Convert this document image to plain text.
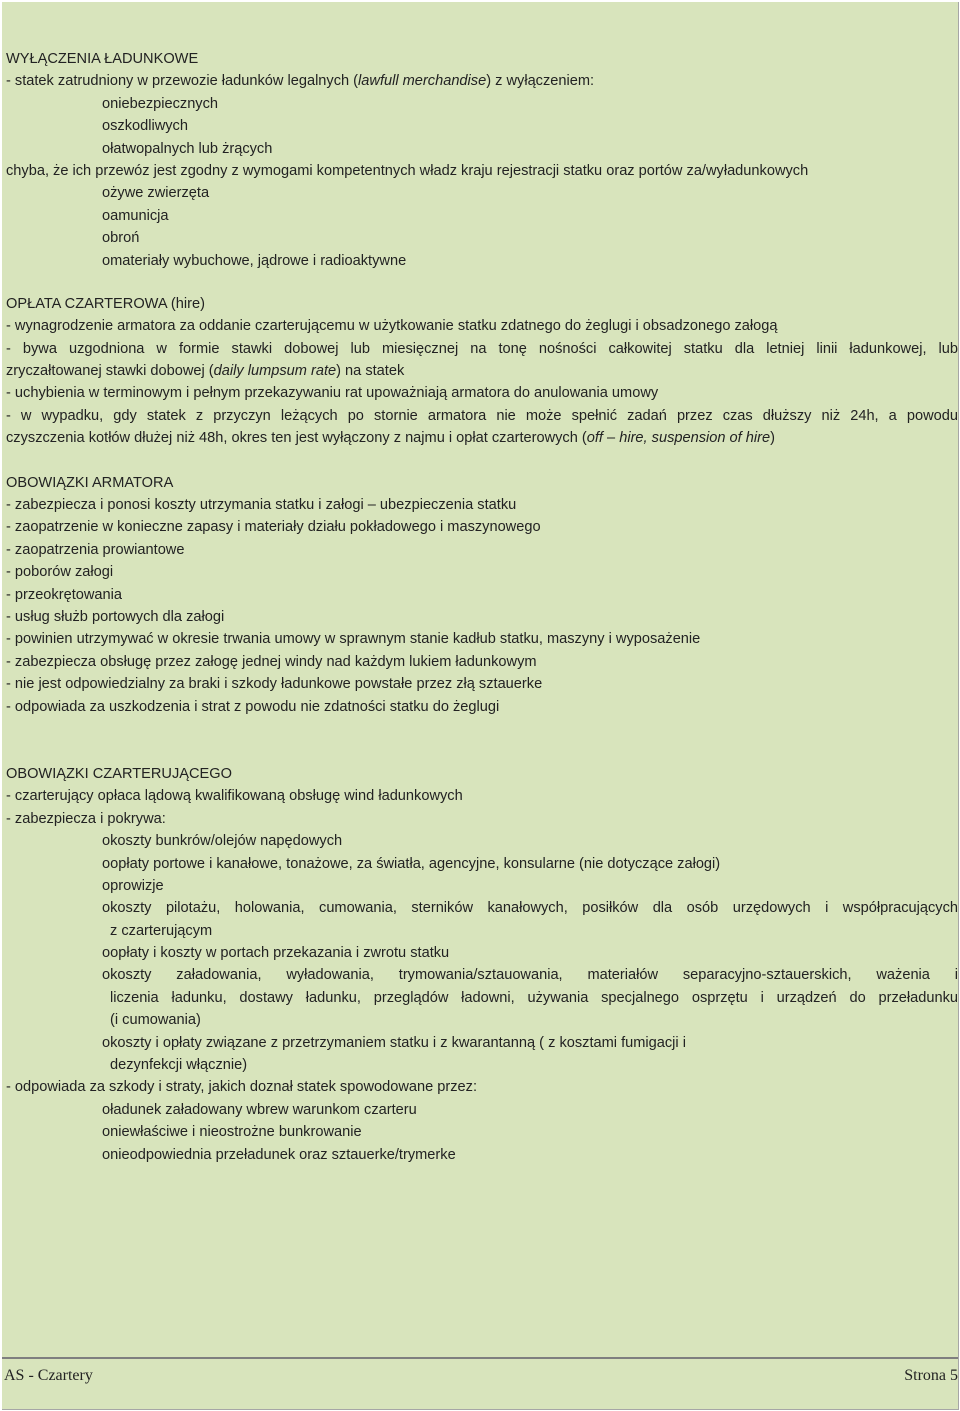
WYŁĄCZENIA ŁADUNKOWE
- statek zatrudniony w przewozie ładunków legalnych (lawfull merchandise) z wyłączeniem:
oniebezpiecznych
oszkodliwych
ołatwopalnych lub żrących
chyba, że ich przewóz jest zgodny z wymogami kompetentnych władz kraju rejestracji statku oraz portów za/wyładunkowych
ożywe zwierzęta
oamunicja
obroń
omateriały wybuchowe, jądrowe i radioaktywne
OPŁATA CZARTEROWA (hire)
- wynagrodzenie armatora za oddanie czarterującemu w użytkowanie statku zdatnego do żeglugi i obsadzonego załogą
- bywa uzgodniona w formie stawki dobowej lub miesięcznej na tonę nośności całkowitej statku dla letniej linii ładunkowej, lub
zryczałtowanej stawki dobowej (daily lumpsum rate) na statek
- uchybienia w terminowym i pełnym przekazywaniu rat upoważniają armatora do anulowania umowy
- w wypadku, gdy statek z przyczyn leżących po stornie armatora nie może spełnić zadań przez czas dłuższy niż 24h, a powodu
czyszczenia kotłów dłużej niż 48h, okres ten jest wyłączony z najmu i opłat czarterowych (off – hire, suspension of hire)
OBOWIĄZKI ARMATORA
- zabezpiecza i ponosi koszty utrzymania statku i załogi – ubezpieczenia statku
- zaopatrzenie w konieczne zapasy i materiały działu pokładowego i maszynowego
- zaopatrzenia prowiantowe
- poborów załogi
- przeokrętowania
- usług służb portowych dla załogi
- powinien utrzymywać w okresie trwania umowy w sprawnym stanie kadłub statku, maszyny i wyposażenie
- zabezpiecza obsługę przez załogę jednej windy nad każdym lukiem ładunkowym
- nie jest odpowiedzialny za braki i szkody ładunkowe powstałe przez złą sztauerke
- odpowiada za uszkodzenia i strat z powodu nie zdatności statku do żeglugi
OBOWIĄZKI CZARTERUJĄCEGO
- czarterujący opłaca lądową kwalifikowaną obsługę wind ładunkowych
- zabezpiecza i pokrywa:
okoszty bunkrów/olejów napędowych
oopłaty portowe i kanałowe, tonażowe, za światła, agencyjne, konsularne (nie dotyczące załogi)
oprowizje
okoszty pilotażu, holowania, cumowania, sterników kanałowych, posiłków dla osób urzędowych i współpracujących
z czarterującym
oopłaty i koszty w portach przekazania i zwrotu statku
okoszty załadowania, wyładowania, trymowania/sztauowania, materiałów separacyjno-sztauerskich, ważenia i
liczenia ładunku, dostawy ładunku, przeglądów ładowni, używania specjalnego osprzętu i urządzeń do przeładunku
(i cumowania)
okoszty i opłaty związane z przetrzymaniem statku i z kwarantanną ( z kosztami fumigacji i
dezynfekcji włącznie)
- odpowiada za szkody i straty, jakich doznał statek spowodowane przez:
oładunek załadowany wbrew warunkom czarteru
oniewłaściwe i nieostrożne bunkrowanie
onieodpowiednia przeładunek oraz sztauerke/trymerke
AS - Czartery	Strona 5
